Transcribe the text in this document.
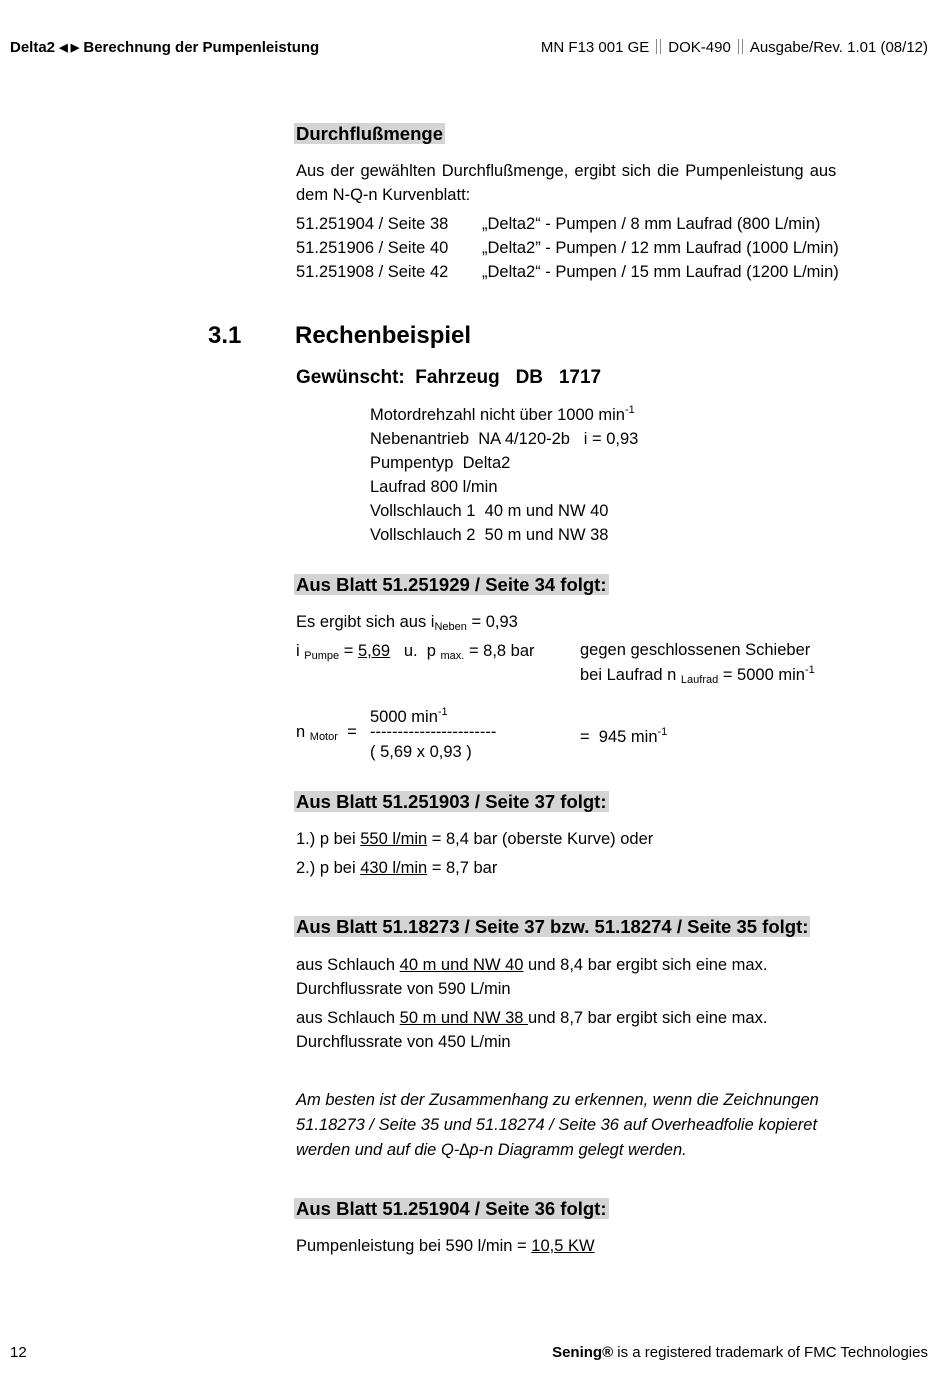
Delta2 ◀ ▶ Berechnung der Pumpenleistung	MN F13 001 GE DOK-490 Ausgabe/Rev. 1.01 (08/12)
Durchflußmenge
Aus der gewählten Durchflußmenge, ergibt sich die Pumpenleistung aus
dem N-Q-n Kurvenblatt:
51.251904 / Seite 38 „Delta2“ - Pumpen / 8 mm Laufrad (800 L/min)
51.251906 / Seite 40 „Delta2” - Pumpen / 12 mm Laufrad (1000 L/min)
51.251908 / Seite 42 „Delta2“ - Pumpen / 15 mm Laufrad (1200 L/min)
3.1 Rechenbeispiel
Gewünscht:  Fahrzeug   DB   1717
Motordrehzahl nicht über 1000 $\min^{-1}$
Nebenantrieb  NA 4/120-2b   i = 0,93
Pumpentyp  Delta2
Laufrad 800 l/min
Vollschlauch 1  40 m und NW 40
Vollschlauch 2  50 m und NW 38
Aus Blatt 51.251929 / Seite 34 folgt:
Es ergibt sich aus $i_{Neben} = 0,93$
i $_{Pumpe}$ = 5,69   u.  p $_{max.}$ = 8,8 bar	gegen geschlossenen Schieber
bei Laufrad n $_{Laufrad}$ = 5000 $\min^{-1}$
5000 $\min^{-1}$
n $_{Motor}$  = -----------------------
( 5,69 x 0,93 )
=  945 $\min^{-1}$
Aus Blatt 51.251903 / Seite 37 folgt:
1.) p bei 550 l/min = 8,4 bar (oberste Kurve) oder
2.) p bei 430 l/min = 8,7 bar
Aus Blatt 51.18273 / Seite 37 bzw. 51.18274 / Seite 35 folgt:
aus Schlauch 40 m und NW 40 und 8,4 bar ergibt sich eine max.
Durchflussrate von 590 L/min
aus Schlauch 50 m und NW 38 und 8,7 bar ergibt sich eine max.
Durchflussrate von 450 L/min
Am besten ist der Zusammenhang zu erkennen, wenn die Zeichnungen
51.18273 / Seite 35 und 51.18274 / Seite 36 auf Overheadfolie kopieret
werden und auf die Q-∆p-n Diagramm gelegt werden.
Aus Blatt 51.251904 / Seite 36 folgt:
Pumpenleistung bei 590 l/min = 10,5 KW
12	Sening® is a registered trademark of FMC Technologies
